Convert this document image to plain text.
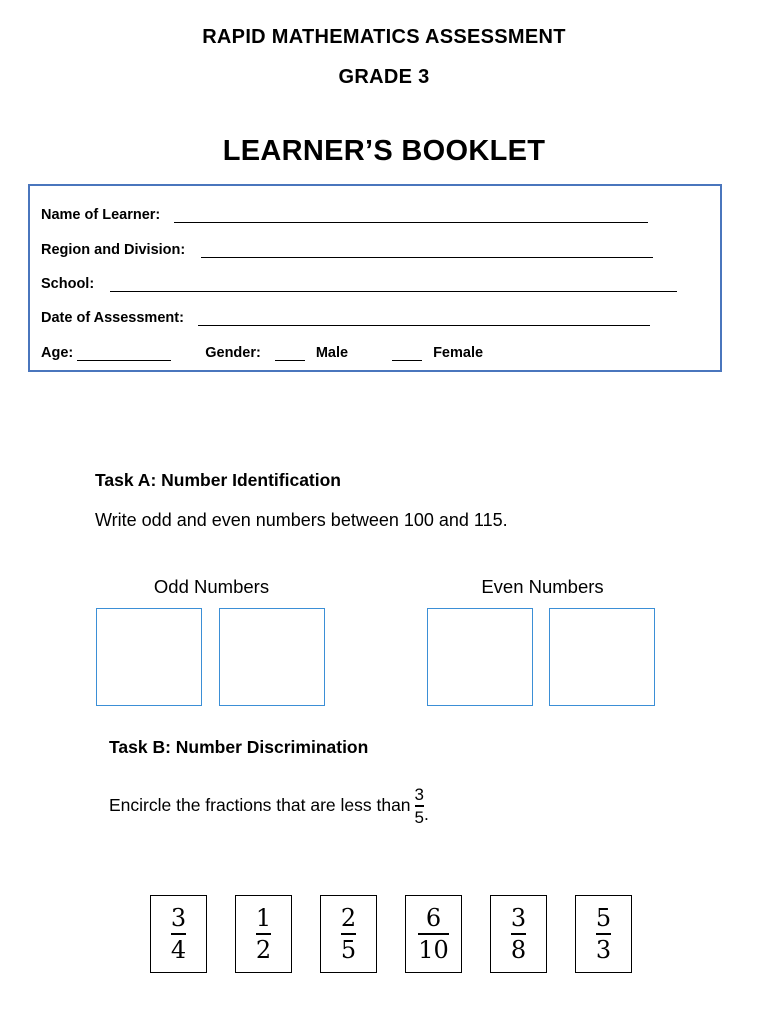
RAPID MATHEMATICS ASSESSMENT
GRADE 3
LEARNER’S BOOKLET
Name of Learner:
Region and Division:
School:
Date of Assessment:
Age:	Gender:	Male	Female
Task A: Number Identification
Write odd and even numbers between 100 and 115.
Odd Numbers	Even Numbers
Task B: Number Discrimination
Encircle the fractions that are less than $\frac{3}{5}$ .
$\frac{3}{4}$	$\frac{1}{2}$	$\frac{2}{5}$	$\frac{6}{10}$	$\frac{3}{8}$	$\frac{5}{3}$
